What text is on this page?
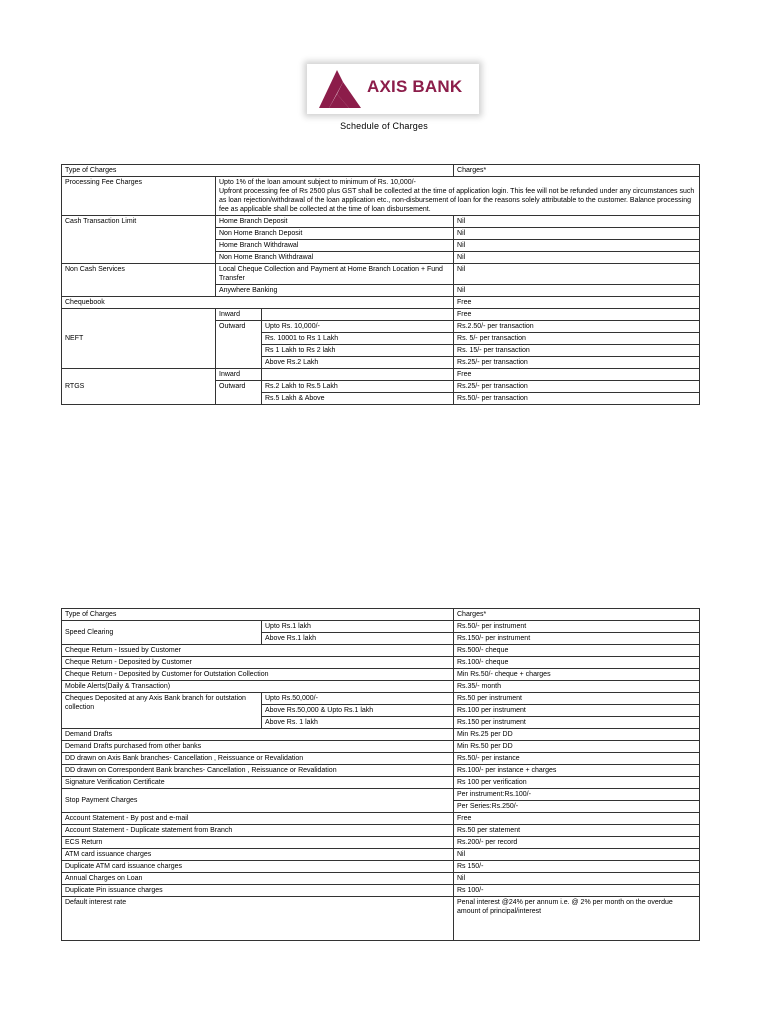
AXIS BANK
Schedule of Charges
Type of Charges			Charges*
Processing Fee Charges	Upto 1% of the loan amount subject to minimum of Rs. 10,000/-
Upfront processing fee of Rs 2500 plus GST shall be collected at the time of application login. This fee will not be refunded under any circumstances such as loan rejection/withdrawal of the loan application etc., non-disbursement of loan for the reasons solely attributable to the customer. Balance processing fee as applicable shall be collected at the time of loan disbursement.		

Cash Transaction Limit	Home Branch Deposit		Nil
	Non Home Branch Deposit		Nil
	Home Branch Withdrawal		Nil
	Non Home Branch Withdrawal		Nil
Non Cash Services	Local Cheque Collection and Payment at Home Branch Location + Fund Transfer		Nil
	Anywhere Banking		Nil
Chequebook			Free
NEFT	Inward		Free
	Outward	Upto Rs. 10,000/-	Rs.2.50/- per transaction
		Rs. 10001 to Rs 1 Lakh	Rs. 5/- per transaction
		Rs 1 Lakh to Rs 2 lakh	Rs. 15/- per transaction
		Above Rs.2 Lakh	Rs.25/- per transaction
RTGS	Inward		Free
	Outward	Rs.2 Lakh to Rs.5 Lakh	Rs.25/- per transaction
		Rs.5 Lakh & Above	Rs.50/- per transaction
Type of Charges		Charges*
Speed Clearing	Upto Rs.1 lakh	Rs.50/- per instrument
	Above Rs.1 lakh	Rs.150/- per instrument
Cheque Return - Issued by Customer		Rs.500/- cheque
Cheque Return - Deposited by Customer		Rs.100/- cheque
Cheque Return - Deposited by Customer for Outstation Collection		Min Rs.50/- cheque + charges
Mobile Alerts(Daily & Transaction)		Rs.35/- month
Cheques Deposited at any Axis Bank branch for outstation collection	Upto Rs.50,000/-	Rs.50 per instrument
	Above Rs.50,000 & Upto Rs.1 lakh	Rs.100 per instrument
	Above Rs. 1 lakh	Rs.150 per instrument
Demand Drafts		Min Rs.25 per DD
Demand Drafts purchased from other banks		Min Rs.50 per DD
DD drawn on Axis Bank branches- Cancellation , Reissuance or Revalidation		Rs.50/- per instance
DD drawn on Correspondent Bank branches- Cancellation , Reissuance or Revalidation		Rs.100/- per instance + charges
Signature Verification Certificate		Rs 100 per verification
Stop Payment Charges		Per instrument:Rs.100/-
		Per Series:Rs.250/-
Account Statement - By post and e-mail		Free
Account Statement - Duplicate statement from Branch		Rs.50 per statement
ECS Return		Rs.200/- per record
ATM card issuance charges		Nil
Duplicate ATM card issuance charges		Rs 150/-
Annual Charges on Loan		Nil
Duplicate Pin issuance charges		Rs 100/-
Default interest rate		Penal interest @24% per annum i.e. @ 2% per month on the overdue amount of principal/interest
